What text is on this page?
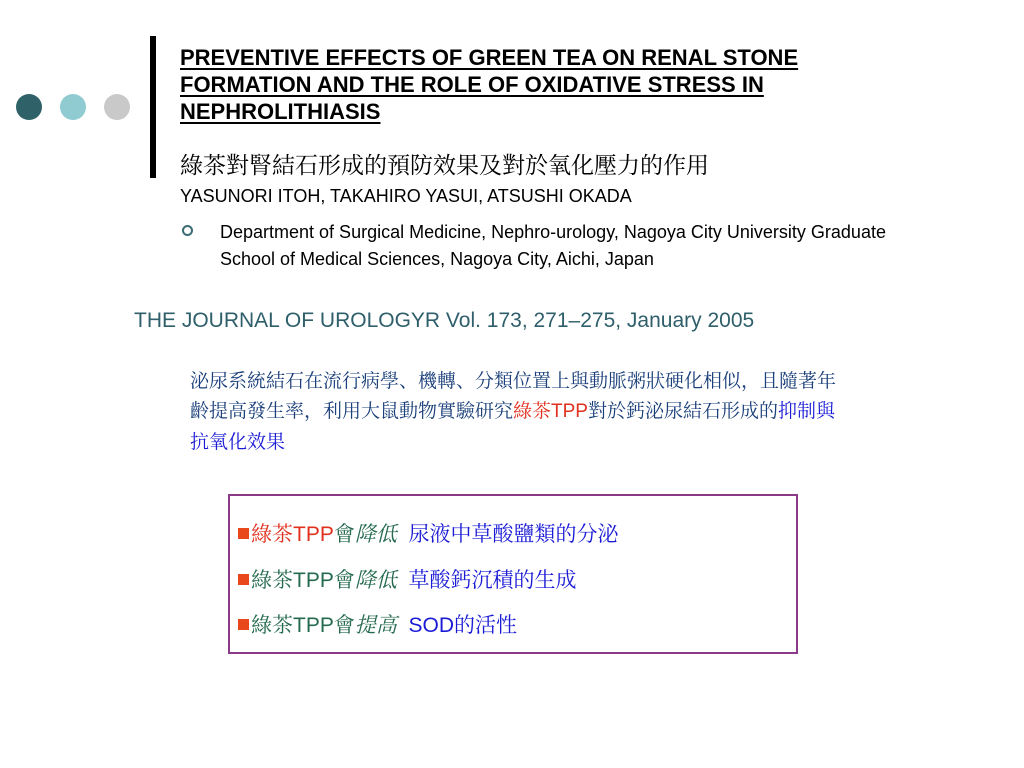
PREVENTIVE EFFECTS OF GREEN TEA ON RENAL STONE FORMATION AND THE ROLE OF OXIDATIVE STRESS IN NEPHROLITHIASIS
綠茶對腎結石形成的預防效果及對於氧化壓力的作用
YASUNORI ITOH, TAKAHIRO YASUI, ATSUSHI OKADA
Department of Surgical Medicine, Nephro-urology, Nagoya City University Graduate School of Medical Sciences, Nagoya City, Aichi, Japan
THE JOURNAL OF UROLOGYR Vol. 173, 271–275, January 2005
泌尿系統結石在流行病學、機轉、分類位置上與動脈粥狀硬化相似，且隨著年齡提高發生率，利用大鼠動物實驗研究綠茶TPP對於鈣泌尿結石形成的抑制與抗氧化效果
綠茶TPP會降低 尿液中草酸鹽類的分泌
綠茶TPP會降低 草酸鈣沉積的生成
綠茶TPP會提高 SOD的活性
